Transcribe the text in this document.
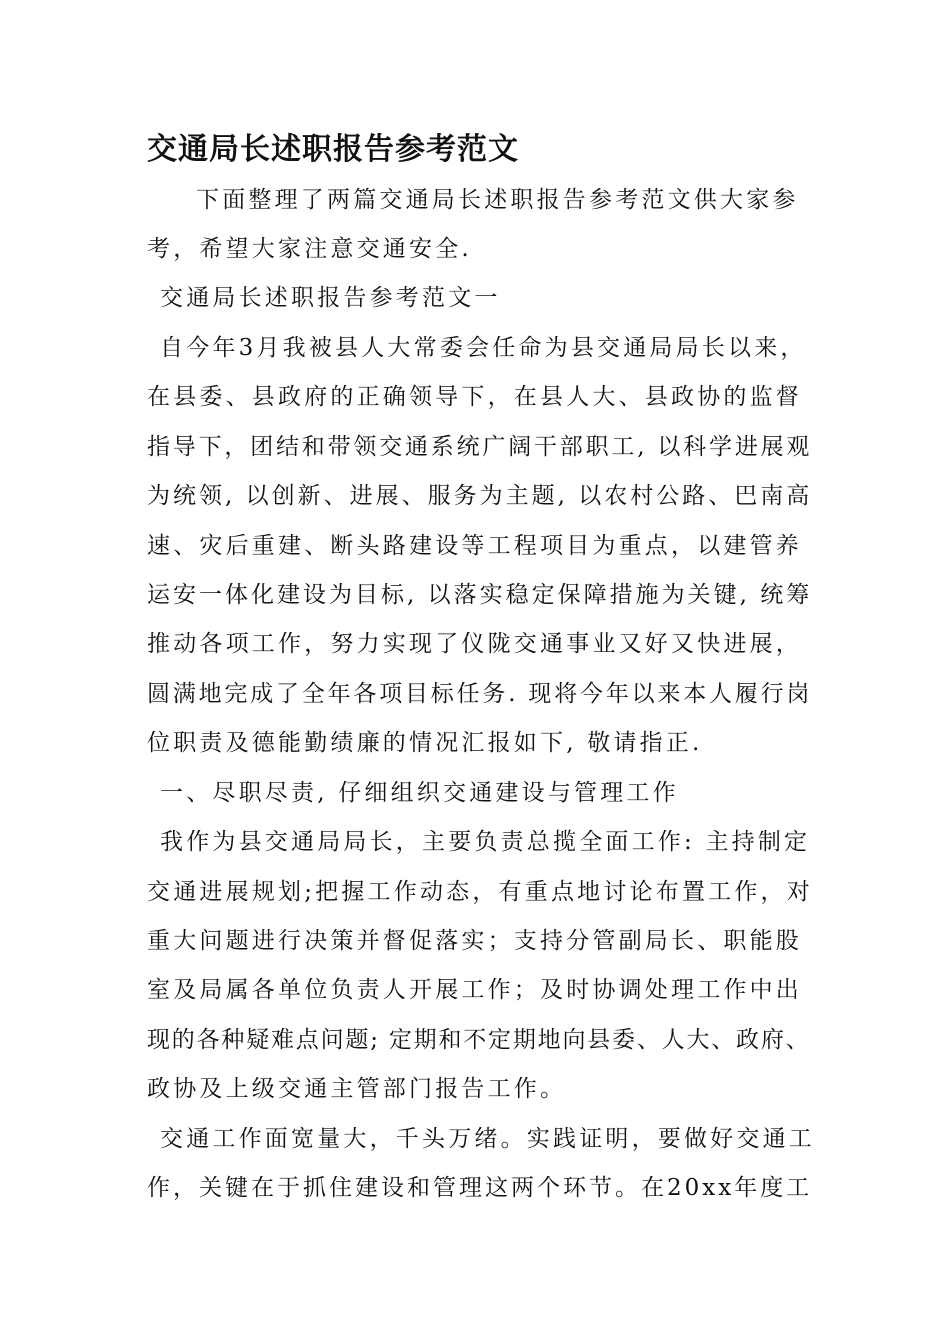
交通局长述职报告参考范文

下面整理了两篇交通局长述职报告参考范文供大家参

考，希望大家注意交通安全.

交通局长述职报告参考范文一

自今年3月我被县人大常委会任命为县交通局局长以来，

在县委、县政府的正确领导下，在县人大、县政协的监督

指导下，团结和带领交通系统广阔干部职工, 以科学进展观

为统领, 以创新、进展、服务为主题, 以农村公路、巴南高

速、灾后重建、断头路建设等工程项目为重点，以建管养

运安一体化建设为目标, 以落实稳定保障措施为关键, 统筹

推动各项工作，努力实现了仪陇交通事业又好又快进展，

圆满地完成了全年各项目标任务. 现将今年以来本人履行岗

位职责及德能勤绩廉的情况汇报如下, 敬请指正.

一、尽职尽责, 仔细组织交通建设与管理工作

我作为县交通局局长，主要负责总揽全面工作: 主持制定

交通进展规划;把握工作动态，有重点地讨论布置工作，对

重大问题进行决策并督促落实；支持分管副局长、职能股

室及局属各单位负责人开展工作；及时协调处理工作中出

现的各种疑难点问题; 定期和不定期地向县委、人大、政府、

政协及上级交通主管部门报告工作。

交通工作面宽量大，千头万绪。实践证明，要做好交通工

作，关键在于抓住建设和管理这两个环节。在20xx年度工
